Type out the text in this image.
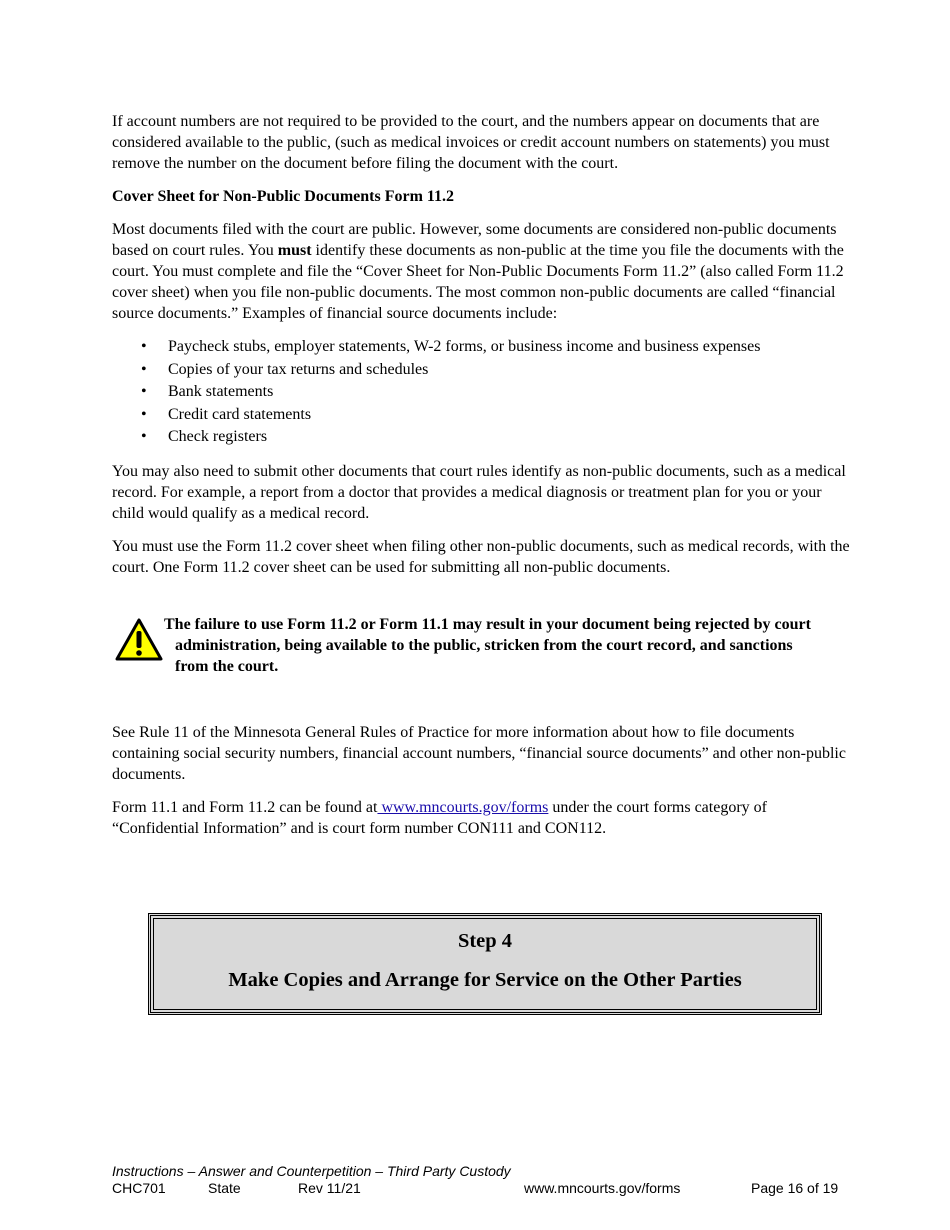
If account numbers are not required to be provided to the court, and the numbers appear on documents that are considered available to the public, (such as medical invoices or credit account numbers on statements) you must remove the number on the document before filing the document with the court.

Cover Sheet for Non-Public Documents Form 11.2

Most documents filed with the court are public. However, some documents are considered non-public documents based on court rules. You must identify these documents as non-public at the time you file the documents with the court. You must complete and file the “Cover Sheet for Non-Public Documents Form 11.2” (also called Form 11.2 cover sheet) when you file non-public documents. The most common non-public documents are called “financial source documents.” Examples of financial source documents include:

• Paycheck stubs, employer statements, W-2 forms, or business income and business expenses
• Copies of your tax returns and schedules
• Bank statements
• Credit card statements
• Check registers

You may also need to submit other documents that court rules identify as non-public documents, such as a medical record. For example, a report from a doctor that provides a medical diagnosis or treatment plan for you or your child would qualify as a medical record.

You must use the Form 11.2 cover sheet when filing other non-public documents, such as medical records, with the court. One Form 11.2 cover sheet can be used for submitting all non-public documents.

The failure to use Form 11.2 or Form 11.1 may result in your document being rejected by court
administration, being available to the public, stricken from the court record, and sanctions
from the court.

See Rule 11 of the Minnesota General Rules of Practice for more information about how to file documents containing social security numbers, financial account numbers, “financial source documents” and other non-public documents.

Form 11.1 and Form 11.2 can be found at www.mncourts.gov/forms under the court forms category of “Confidential Information” and is court form number CON111 and CON112.

Step 4
Make Copies and Arrange for Service on the Other Parties
Instructions – Answer and Counterpetition – Third Party Custody
CHC701	State	Rev 11/21	www.mncourts.gov/forms	Page 16 of 19
